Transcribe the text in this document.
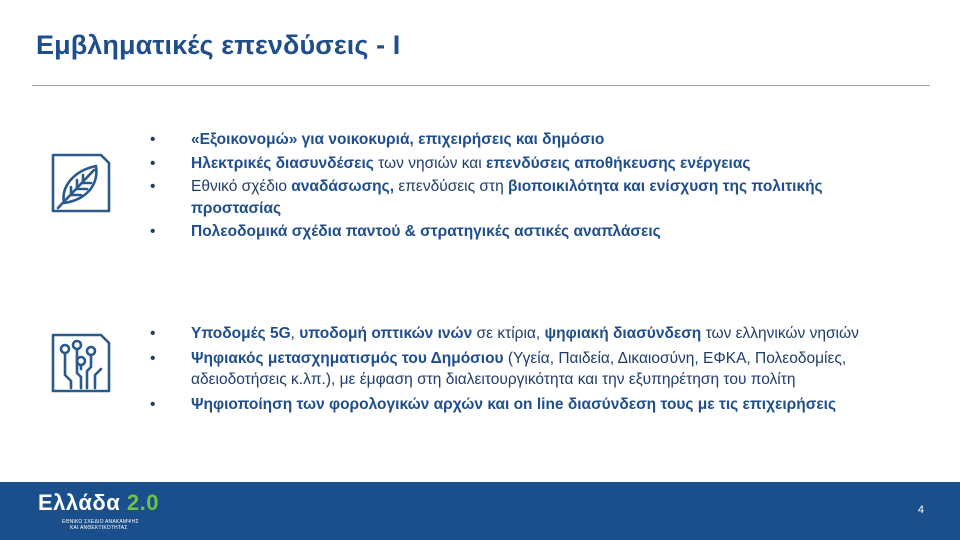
Εμβληματικές επενδύσεις - Ι
• «Εξοικονομώ» για νοικοκυριά, επιχειρήσεις και δημόσιο
• Ηλεκτρικές διασυνδέσεις των νησιών και επενδύσεις αποθήκευσης ενέργειας
• Εθνικό σχέδιο αναδάσωσης, επενδύσεις στη βιοποικιλότητα και ενίσχυση της πολιτικής προστασίας
• Πολεοδομικά σχέδια παντού & στρατηγικές αστικές αναπλάσεις
• Υποδομές 5G, υποδομή οπτικών ινών σε κτίρια, ψηφιακή διασύνδεση των ελληνικών νησιών
• Ψηφιακός μετασχηματισμός του Δημόσιου (Υγεία, Παιδεία, Δικαιοσύνη, ΕΦΚΑ, Πολεοδομίες, αδειοδοτήσεις κ.λπ.), με έμφαση στη διαλειτουργικότητα και την εξυπηρέτηση του πολίτη
• Ψηφιοποίηση των φορολογικών αρχών και on line διασύνδεση τους με τις επιχειρήσεις
Ελλάδα 2.0
ΕΘΝΙΚΟ ΣΧΕΔΙΟ ΑΝΑΚΑΜΨΗΣ
ΚΑΙ ΑΝΘΕΚΤΙΚΟΤΗΤΑΣ
4
